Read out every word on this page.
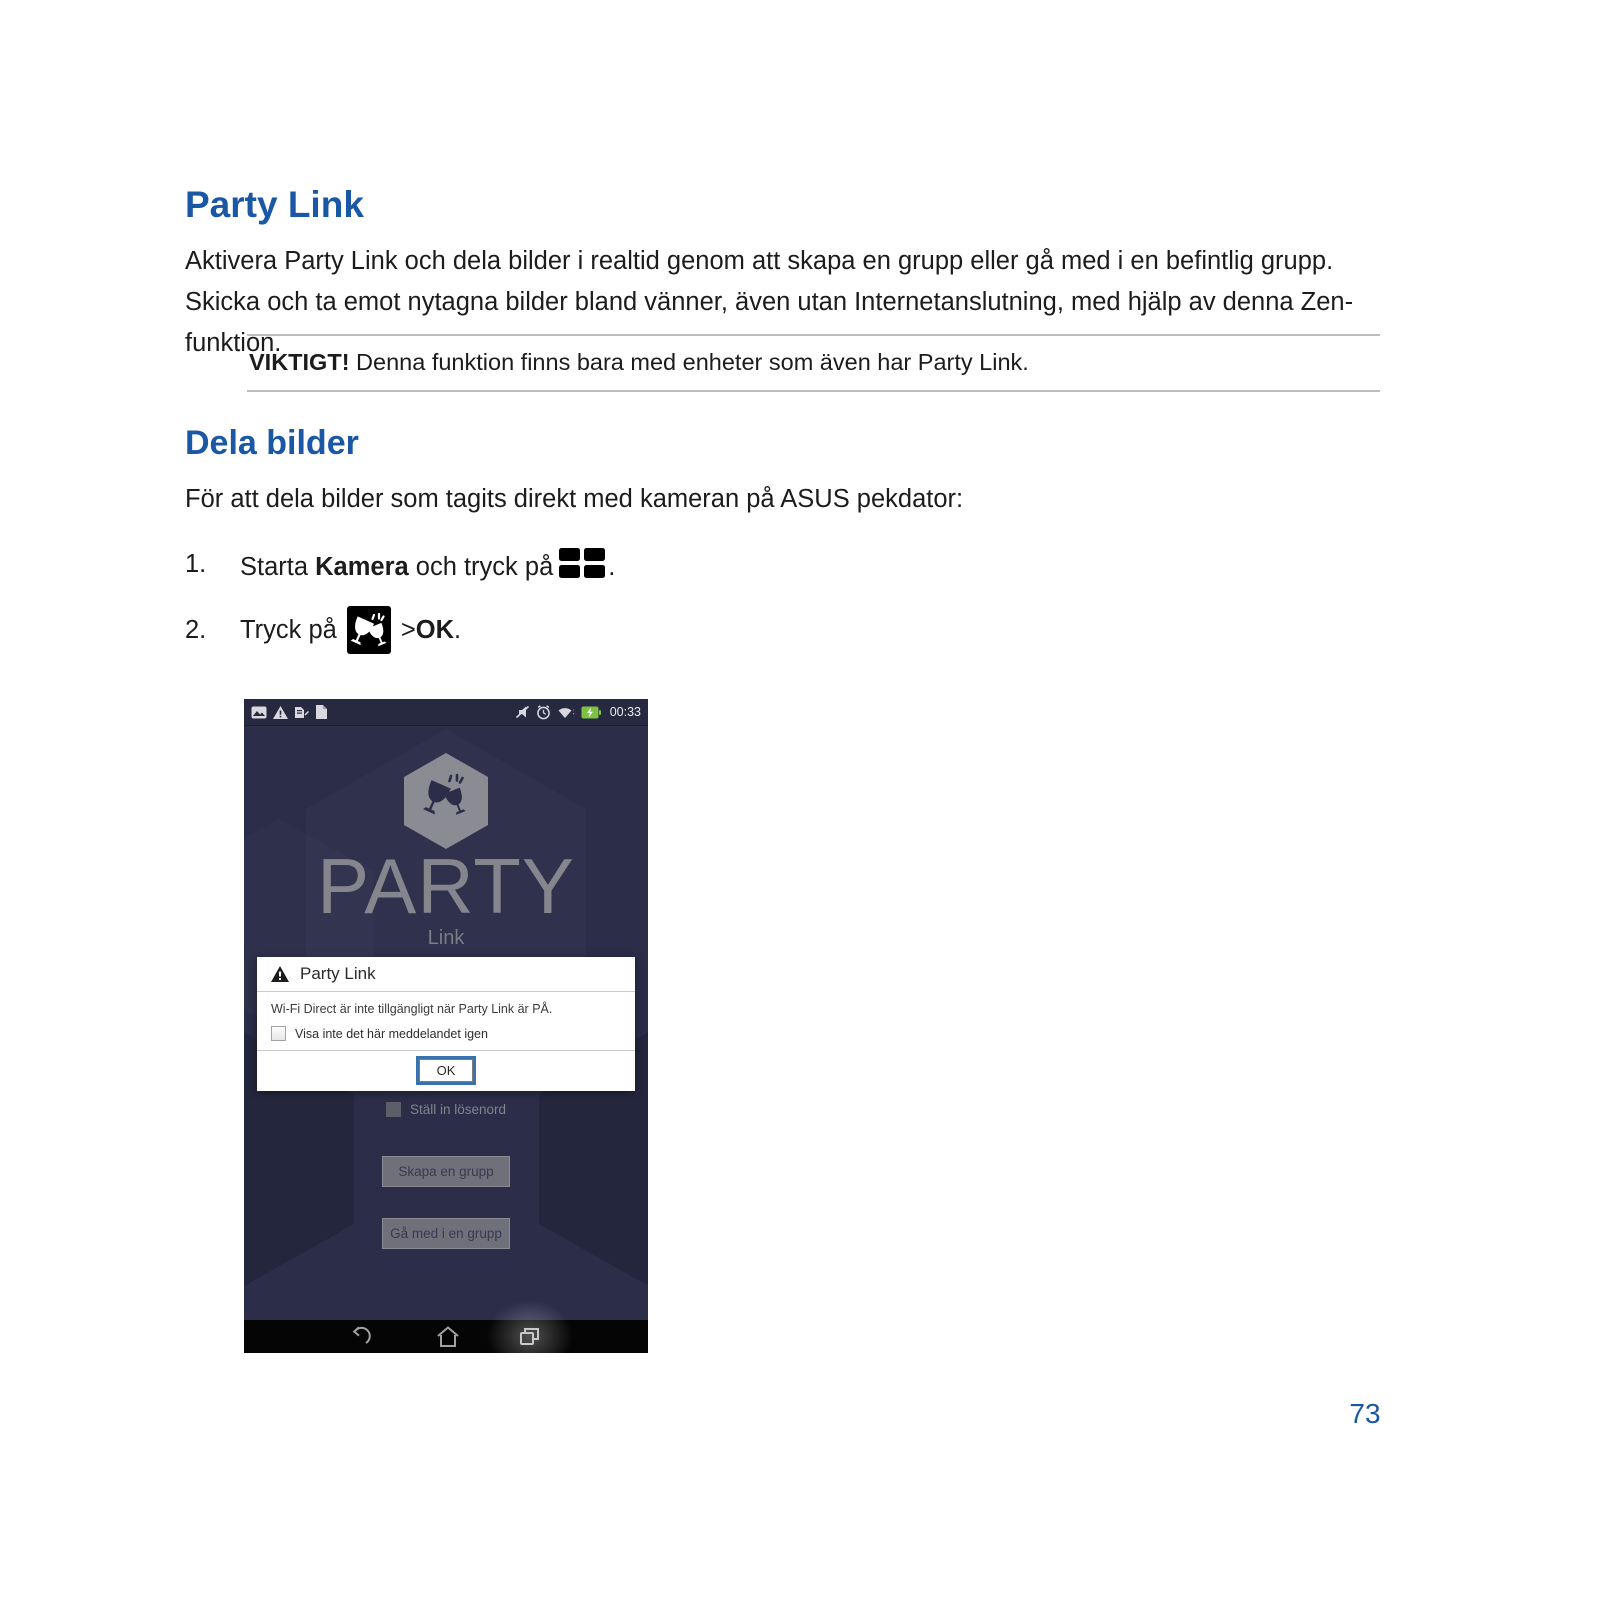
Party Link

Aktivera Party Link och dela bilder i realtid genom att skapa en grupp eller gå med i en befintlig grupp. Skicka och ta emot nytagna bilder bland vänner, även utan Internetanslutning, med hjälp av denna Zen-funktion.

VIKTIGT! Denna funktion finns bara med enheter som även har Party Link.
Dela bilder

För att dela bilder som tagits direkt med kameran på ASUS pekdator:

1.	Starta Kamera och tryck på .
2.	Tryck på	> OK .
00:33
PARTY
Link
Party Link
Wi-Fi Direct är inte tillgängligt när Party Link är PÅ.
Visa inte det här meddelandet igen
OK
Ställ in lösenord
Skapa en grupp
Gå med i en grupp
73
